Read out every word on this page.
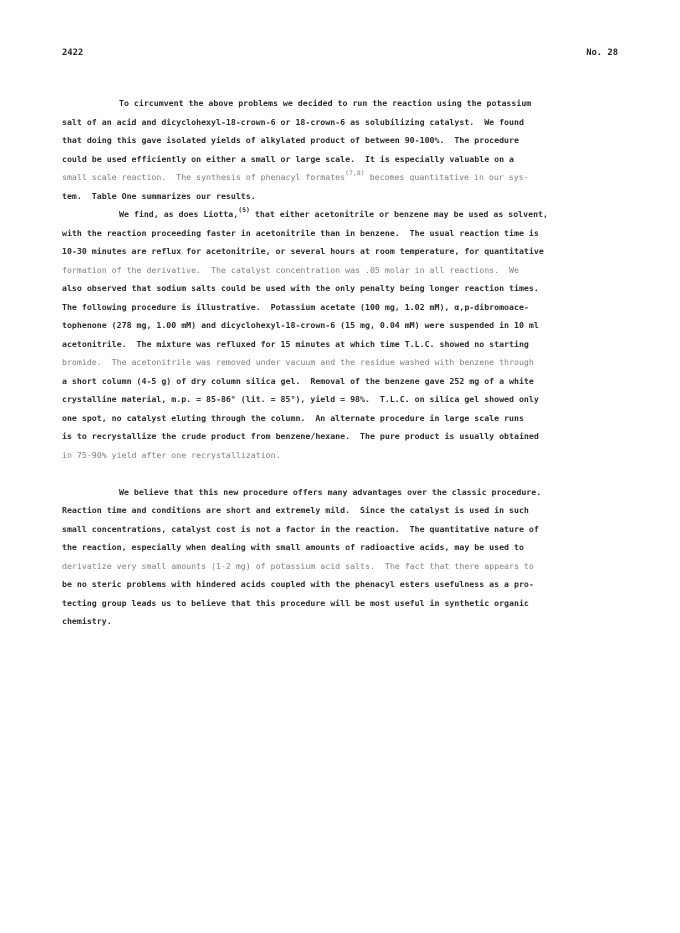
2422	No. 28
To circumvent the above problems we decided to run the reaction using the potassium
salt of an acid and dicyclohexyl-18-crown-6 or 18-crown-6 as solubilizing catalyst.  We found
that doing this gave isolated yields of alkylated product of between 90-100%.  The procedure
could be used efficiently on either a small or large scale.  It is especially valuable on a
small scale reaction.  The synthesis of phenacyl formates$^{(7,8)}$ becomes quantitative in our sys-
tem.  Table One summarizes our results.
We find, as does Liotta,$^{(5)}$ that either acetonitrile or benzene may be used as solvent,
with the reaction proceeding faster in acetonitrile than in benzene.  The usual reaction time is
10-30 minutes are reflux for acetonitrile, or several hours at room temperature, for quantitative
formation of the derivative.  The catalyst concentration was .05 molar in all reactions.  We
also observed that sodium salts could be used with the only penalty being longer reaction times.
The following procedure is illustrative.  Potassium acetate (100 mg, 1.02 mM), α,p-dibromoace-
tophenone (278 mg, 1.00 mM) and dicyclohexyl-18-crown-6 (15 mg, 0.04 mM) were suspended in 10 ml
acetonitrile.  The mixture was refluxed for 15 minutes at which time T.L.C. showed no starting
bromide.  The acetonitrile was removed under vacuum and the residue washed with benzene through
a short column (4-5 g) of dry column silica gel.  Removal of the benzene gave 252 mg of a white
crystalline material, m.p. = 85-86° (lit. = 85°), yield = 98%.  T.L.C. on silica gel showed only
one spot, no catalyst eluting through the column.  An alternate procedure in large scale runs
is to recrystallize the crude product from benzene/hexane.  The pure product is usually obtained
in 75-90% yield after one recrystallization.
We believe that this new procedure offers many advantages over the classic procedure.
Reaction time and conditions are short and extremely mild.  Since the catalyst is used in such
small concentrations, catalyst cost is not a factor in the reaction.  The quantitative nature of
the reaction, especially when dealing with small amounts of radioactive acids, may be used to
derivatize very small amounts (1-2 mg) of potassium acid salts.  The fact that there appears to
be no steric problems with hindered acids coupled with the phenacyl esters usefulness as a pro-
tecting group leads us to believe that this procedure will be most useful in synthetic organic
chemistry.
